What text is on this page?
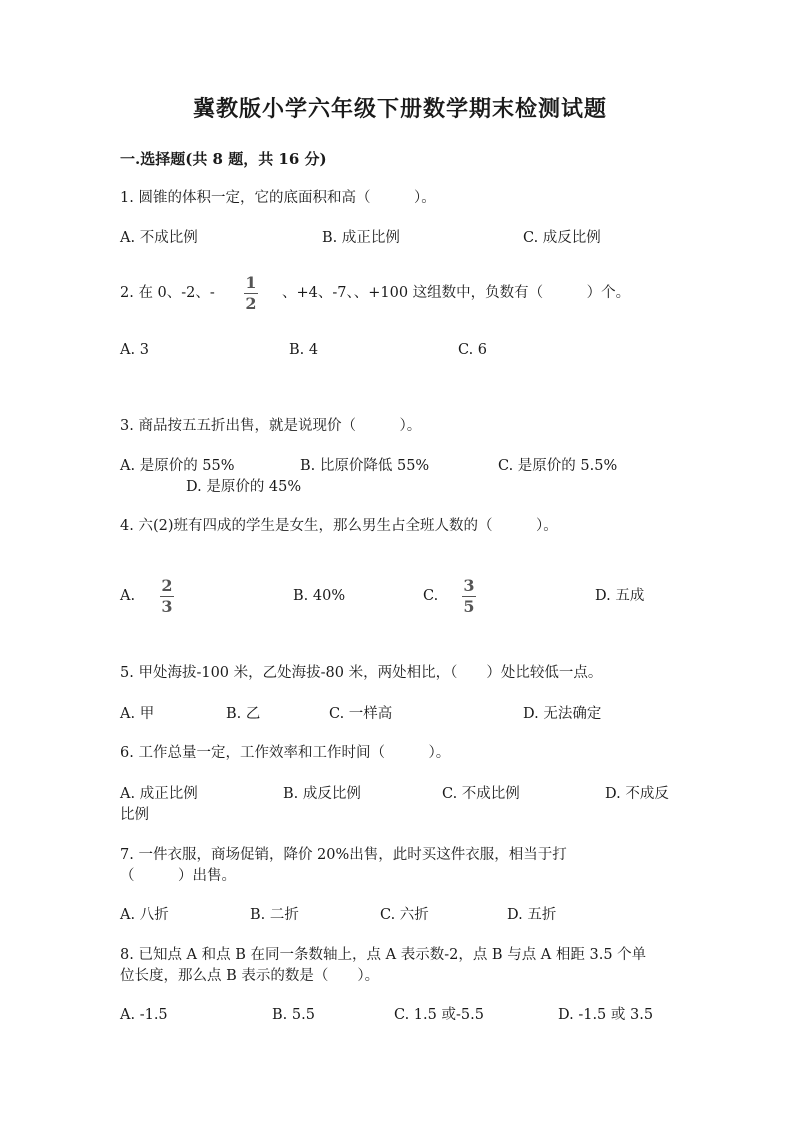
冀教版小学六年级下册数学期末检测试题
一.选择题(共 8 题，共 16 分)
1. 圆锥的体积一定，它的底面积和高（　　　）。
A. 不成比例	B. 成正比例	C. 成反比例
2. 在 0、-2、-
1
2
、+4、-7、、+100 这组数中，负数有（　　　）个。
A. 3	B. 4	C. 6
3. 商品按五五折出售，就是说现价（　　　）。
A. 是原价的 55%	B. 比原价降低 55%	C. 是原价的 5.5%
D. 是原价的 45%
4. 六(2)班有四成的学生是女生，那么男生占全班人数的（　　　）。
A.
2
3
B. 40%	C.
3
5
D. 五成
5. 甲处海拔-100 米，乙处海拔-80 米，两处相比，（　　）处比较低一点。
A. 甲	B. 乙	C. 一样高	D. 无法确定
6. 工作总量一定，工作效率和工作时间（　　　）。
A. 成正比例	B. 成反比例	C. 不成比例	D. 不成反
比例
7. 一件衣服，商场促销，降价 20%出售，此时买这件衣服，相当于打
（　　　）出售。
A. 八折	B. 二折	C. 六折	D. 五折
8. 已知点 A 和点 B 在同一条数轴上，点 A 表示数-2，点 B 与点 A 相距 3.5 个单
位长度，那么点 B 表示的数是（　　）。
A. -1.5	B. 5.5	C. 1.5 或-5.5	D. -1.5 或 3.5
